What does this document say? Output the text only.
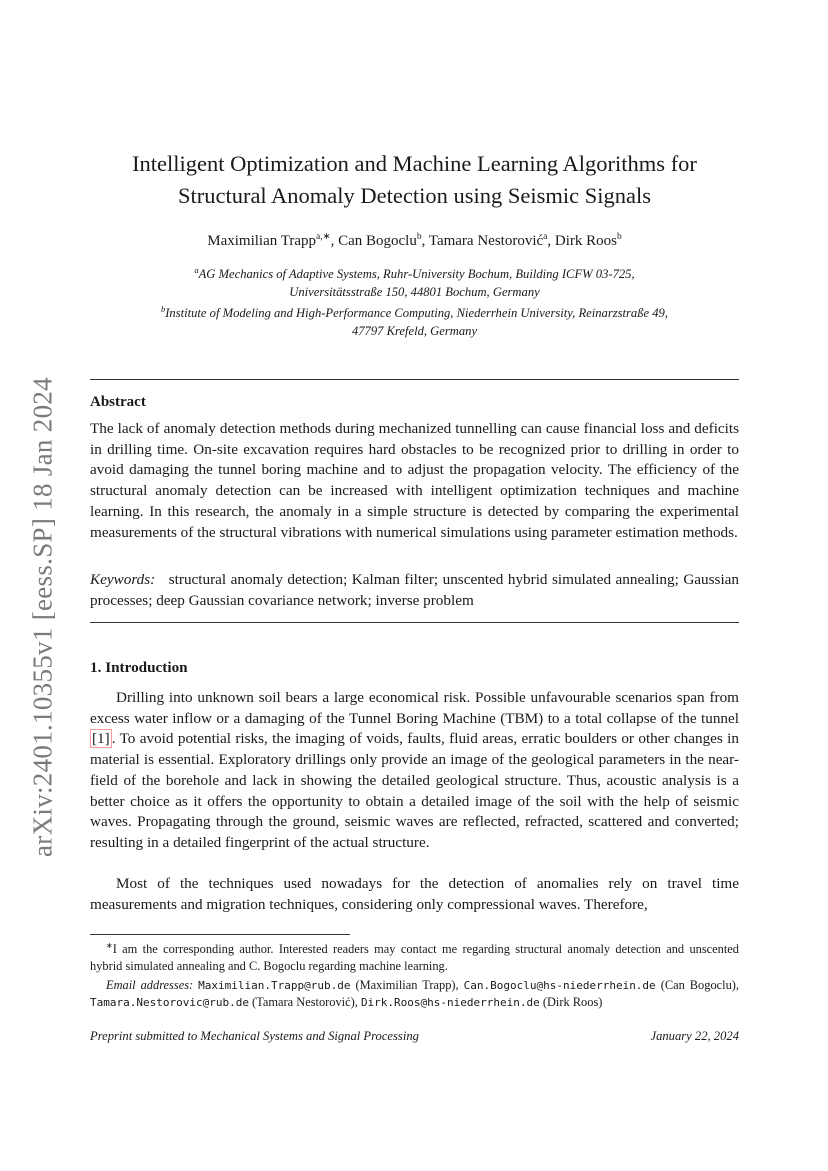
arXiv:2401.10355v1 [eess.SP] 18 Jan 2024
Intelligent Optimization and Machine Learning Algorithms for
Structural Anomaly Detection using Seismic Signals
Maximilian Trapp$^{a,∗}$, Can Bogoclu$^b$, Tamara Nestorović$^a$, Dirk Roos$^b$
$^a$AG Mechanics of Adaptive Systems, Ruhr-University Bochum, Building ICFW 03-725,
Universitätsstraße 150, 44801 Bochum, Germany
$^b$Institute of Modeling and High-Performance Computing, Niederrhein University, Reinarzstraße 49,
47797 Krefeld, Germany
Abstract

The lack of anomaly detection methods during mechanized tunnelling can cause financial loss and deficits in drilling time. On-site excavation requires hard obstacles to be recognized prior to drilling in order to avoid damaging the tunnel boring machine and to adjust the propagation velocity. The efficiency of the structural anomaly detection can be increased with intelligent optimization techniques and machine learning. In this research, the anomaly in a simple structure is detected by comparing the experimental measurements of the structural vibrations with numerical simulations using parameter estimation methods.

Keywords: structural anomaly detection; Kalman filter; unscented hybrid simulated annealing; Gaussian processes; deep Gaussian covariance network; inverse problem

1. Introduction

Drilling into unknown soil bears a large economical risk. Possible unfavourable scenarios span from excess water inflow or a damaging of the Tunnel Boring Machine (TBM) to a total collapse of the tunnel [1] . To avoid potential risks, the imaging of voids, faults, fluid areas, erratic boulders or other changes in material is essential. Exploratory drillings only provide an image of the geological parameters in the near-field of the borehole and lack in showing the detailed geological structure. Thus, acoustic analysis is a better choice as it offers the opportunity to obtain a detailed image of the soil with the help of seismic waves. Propagating through the ground, seismic waves are reflected, refracted, scattered and converted; resulting in a detailed fingerprint of the actual structure.

Most of the techniques used nowadays for the detection of anomalies rely on travel time measurements and migration techniques, considering only compressional waves. Therefore,

∗I am the corresponding author. Interested readers may contact me regarding structural anomaly detection and unscented hybrid simulated annealing and C. Bogoclu regarding machine learning.

Email addresses: Maximilian.Trapp@rub.de (Maximilian Trapp), Can.Bogoclu@hs-niederrhein.de (Can Bogoclu), Tamara.Nestorovic@rub.de (Tamara Nestorović), Dirk.Roos@hs-niederrhein.de (Dirk Roos)

Preprint submitted to Mechanical Systems and Signal Processing	January 22, 2024
